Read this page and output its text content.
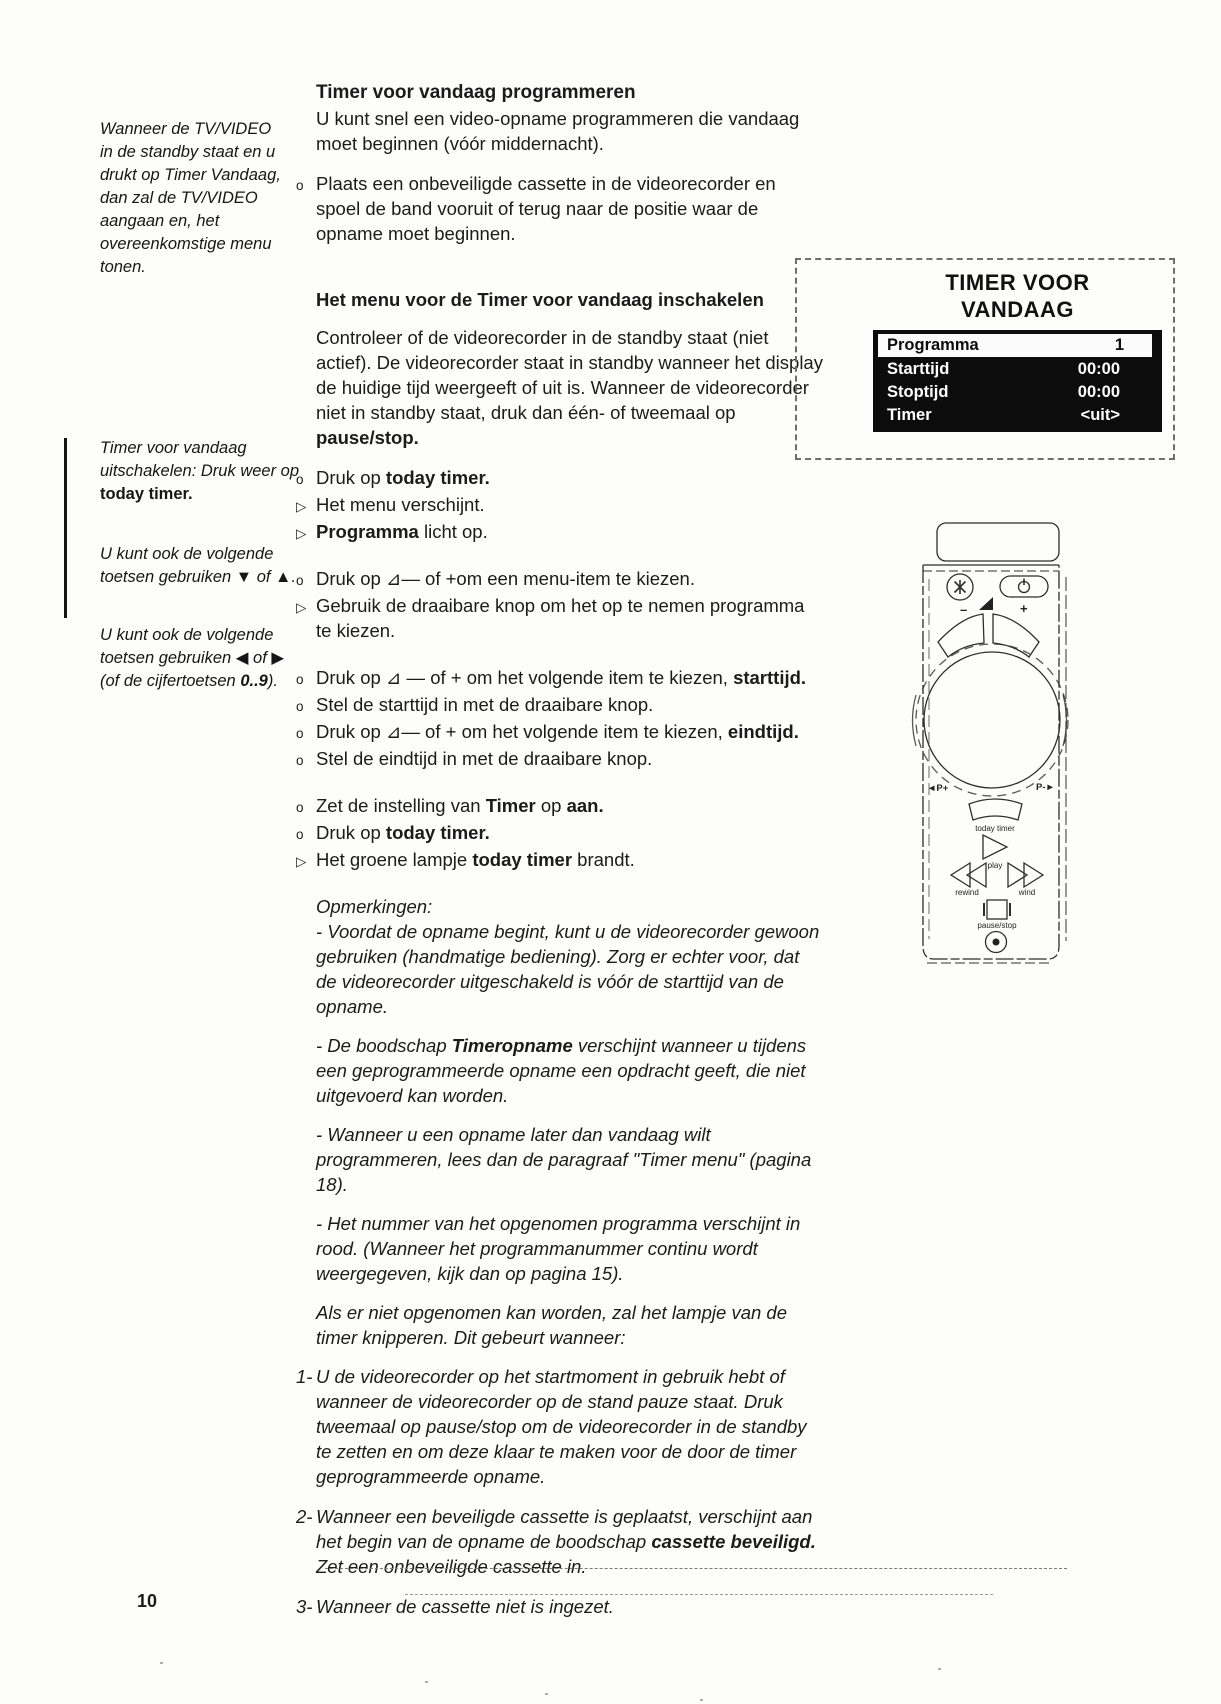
Wanneer de TV/VIDEO in de standby staat en u drukt op Timer Vandaag, dan zal de TV/VIDEO aangaan en, het overeenkomstige menu tonen.
Timer voor vandaag uitschakelen: Druk weer op today timer.
U kunt ook de volgende toetsen gebruiken ▼ of ▲.
U kunt ook de volgende toetsen gebruiken ◀ of ▶ (of de cijfertoetsen 0..9).
Timer voor vandaag programmeren

U kunt snel een video-opname programmeren die vandaag moet beginnen (vóór middernacht).

o Plaats een onbeveiligde cassette in de videorecorder en spoel de band vooruit of terug naar de positie waar de opname moet beginnen.
Het menu voor de Timer voor vandaag inschakelen

Controleer of de videorecorder in de standby staat (niet actief). De videorecorder staat in standby wanneer het display de huidige tijd weergeeft of uit is. Wanneer de videorecorder niet in standby staat, druk dan één- of tweemaal op pause/stop.

o Druk op today timer.
▷ Het menu verschijnt.
▷ Programma licht op.
o Druk op ⊿— of +om een menu-item te kiezen.
▷ Gebruik de draaibare knop om het op te nemen programma te kiezen.
o Druk op ⊿ — of + om het volgende item te kiezen, starttijd.
o Stel de starttijd in met de draaibare knop.
o Druk op ⊿— of + om het volgende item te kiezen, eindtijd.
o Stel de eindtijd in met de draaibare knop.
o Zet de instelling van Timer op aan.
o Druk op today timer.
▷ Het groene lampje today timer brandt.

Opmerkingen:

- Voordat de opname begint, kunt u de videorecorder gewoon gebruiken (handmatige bediening). Zorg er echter voor, dat de videorecorder uitgeschakeld is vóór de starttijd van de opname.

- De boodschap Timeropname verschijnt wanneer u tijdens een geprogrammeerde opname een opdracht geeft, die niet uitgevoerd kan worden.

- Wanneer u een opname later dan vandaag wilt programmeren, lees dan de paragraaf "Timer menu" (pagina 18).

- Het nummer van het opgenomen programma verschijnt in rood. (Wanneer het programmanummer continu wordt weergegeven, kijk dan op pagina 15).

Als er niet opgenomen kan worden, zal het lampje van de timer knipperen. Dit gebeurt wanneer:

1- U de videorecorder op het startmoment in gebruik hebt of wanneer de videorecorder op de stand pauze staat. Druk tweemaal op pause/stop om de videorecorder in de standby te zetten en om deze klaar te maken voor de door de timer geprogrammeerde opname.
2- Wanneer een beveiligde cassette is geplaatst, verschijnt aan het begin van de opname de boodschap cassette beveiligd. Zet een onbeveiligde cassette in.
3- Wanneer de cassette niet is ingezet.
TIMER VOOR
VANDAAG
Programma	1
Starttijd	00:00
Stoptijd	00:00
Timer	<uit>
–	+
◄P+	P-►
today timer
play
rewind	wind
pause/stop
10
